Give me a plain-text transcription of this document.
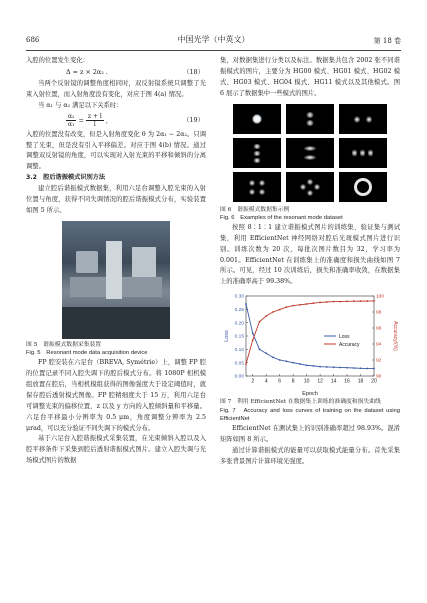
686	中国光学（中英文）	第 18 卷

入腔的位置发生变化：

Δ = z × 2α₂ .	（18）

当两个反射镜的调整角度相同时，双反射镜系统只调整了光束入射位置，而入射角度没有变化，对应于图 4(a) 情况。

当 α₁ 与 α₂ 满足以下关系时：

$\frac{\text{α₂}}{\text{α₁}} = \frac{z + l}{l}$ ,	（19）

入腔的位置没有改变，但是入射角度变化 θ 为 2α₁ − 2α₂。只调整了光束，但是没有引入平移偏差。对应于图 4(b) 情况。通过调整双反射镜的角度，可以实现对入射光束的平移和倾斜的分离调整。

3.2　腔后谐振模式识别方法

建立腔后谐振模式数据集，利用六足台调整入腔光束的入射位置与角度，获得不同失调情况的腔后谐振模式分布，实验装置如图 5 所示。

图 5　谐振模式数据采集装置

Fig. 5　Resonant mode data acquisition device

FP 腔安装在六足台（BREVA, Symétrie）上，调整 FP 腔的位置记录不同入腔失调下的腔后模式分布。将 1080P 相机模组放置在腔后，当相机模组获得的图像强度大于设定阈值时，就保存腔后透射模式图像。FP 腔精细度大于 15 万，利用六足台可调整光束的偏移位置，z 以及 y 方向的入腔倾斜量和平移量。六足台平移最小分辨率为 0.5 μm，角度调整分辨率为 2.5 μrad，可以充分验证不同失调下的模式分布。

基于六足台入腔谐振模式采集装置，在光束倾斜入腔以及入腔平移条件下采集到腔后透射谐振模式图片。建立入腔失调与光场模式图片的数据

集，对数据集进行分类以及标注。数据集共包含 2002 张不同谐振模式的图片，主要分为 HG00 模式、HG01 模式、HG02 模式、HG03 模式、HG04 模式、HG11 模式以及其他模式。图 6 展示了数据集中一些模式的图片。

图 6　谐振模式数据集示例

Fig. 6　Examples of the resonant mode dataset

按照 8∶1∶1 建立谐振模式图片的训练集、验证集与测试集，利用 EfficientNet 神经网络对腔后光斑模式图片进行识别。训练次数为 20 次，每批次图片数目为 32，学习率为 0.001。EfficientNet 在训练集上的准确度和损失曲线如图 7 所示。可见，经过 10 次训练后，损失和准确率收敛，在数据集上的准确率高于 99.38%。

2 4 6 8 10 12 14 16 18 20
0.00
0.05
0.10
0.15
0.20
0.25
0.30
90
92
94
96
98
100
Epoch
Loss	Accuracy/(%)
Loss
Accuracy

图 7　利用 EfficientNet 在数据集上训练的准确度和损失曲线

Fig. 7　Accuracy and loss curves of training on the dataset using EfficientNet

EfficientNet 在测试集上的识别准确率超过 98.93%。混淆矩阵如图 8 所示。

通过计算谐振模式的能量可以获取模式能量分布。首先采集多张背景图片计算环境光强度。
